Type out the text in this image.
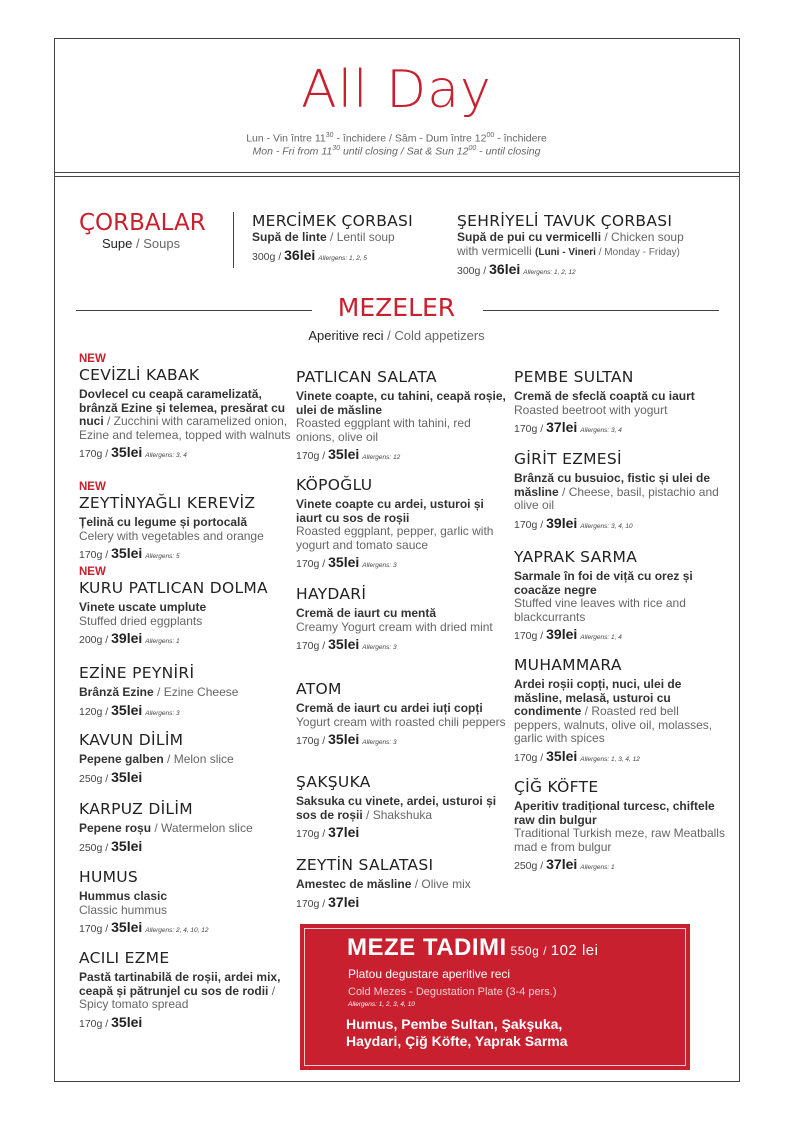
All Day
Lun - Vin între $11^{30}$ - închidere / Sâm - Dum între $12^{00}$ - închidere
Mon - Fri from $11^{30}$ until closing / Sat & Sun $12^{00}$ - until closing
ÇORBALAR
Supe / Soups
MERCİMEK ÇORBASI
Supă de linte / Lentil soup
300g / 36lei Allergens: 1, 2, 5
ŞEHRİYELİ TAVUK ÇORBASI
Supă de pui cu vermicelli / Chicken soup
with vermicelli (Luni - Vineri / Monday - Friday)
300g / 36lei Allergens: 1, 2, 12
MEZELER
Aperitive reci / Cold appetizers
NEW
CEVİZLİ KABAK
Dovlecel cu ceapă caramelizată, brânză Ezine și telemea, presărat cu nuci / Zucchini with caramelized onion, Ezine and telemea, topped with walnuts
170g / 35lei Allergens: 3, 4
NEW
ZEYTİNYAĞLI KEREVİZ
Țelină cu legume și portocală
Celery with vegetables and orange
170g / 35lei Allergens: 5
NEW
KURU PATLICAN DOLMA
Vinete uscate umplute
Stuffed dried eggplants
200g / 39lei Allergens: 1
EZİNE PEYNİRİ
Brânză Ezine / Ezine Cheese
120g / 35lei Allergens: 3
KAVUN DİLİM
Pepene galben / Melon slice
250g / 35lei
KARPUZ DİLİM
Pepene roșu / Watermelon slice
250g / 35lei
HUMUS
Hummus clasic
Classic hummus
170g / 35lei Allergens: 2, 4, 10, 12
ACILI EZME
Pastă tartinabilă de roșii, ardei mix, ceapă și pătrunjel cu sos de rodii / Spicy tomato spread
170g / 35lei
PATLICAN SALATA
Vinete coapte, cu tahini, ceapă roșie, ulei de măsline
Roasted eggplant with tahini, red onions, olive oil
170g / 35lei Allergens: 12
KÖPOĞLU
Vinete coapte cu ardei, usturoi și iaurt cu sos de roșii
Roasted eggplant, pepper, garlic with yogurt and tomato sauce
170g / 35lei Allergens: 3
HAYDARİ
Cremă de iaurt cu mentă
Creamy Yogurt cream with dried mint
170g / 35lei Allergens: 3
ATOM
Cremă de iaurt cu ardei iuți copți
Yogurt cream with roasted chili peppers
170g / 35lei Allergens: 3
ŞAKŞUKA
Saksuka cu vinete, ardei, usturoi și sos de roșii / Shakshuka
170g / 37lei
ZEYTİN SALATASI
Amestec de măsline / Olive mix
170g / 37lei
PEMBE SULTAN
Cremă de sfeclă coaptă cu iaurt
Roasted beetroot with yogurt
170g / 37lei Allergens: 3, 4
GİRİT EZMESİ
Brânză cu busuioc, fistic și ulei de măsline / Cheese, basil, pistachio and olive oil
170g / 39lei Allergens: 3, 4, 10
YAPRAK SARMA
Sarmale în foi de viță cu orez și coacăze negre
Stuffed vine leaves with rice and blackcurrants
170g / 39lei Allergens: 1, 4
MUHAMMARA
Ardei roșii copți, nuci, ulei de măsline, melasă, usturoi cu condimente / Roasted red bell peppers, walnuts, olive oil, molasses, garlic with spices
170g / 35lei Allergens: 1, 3, 4, 12
ÇİĞ KÖFTE
Aperitiv tradițional turcesc, chiftele raw din bulgur
Traditional Turkish meze, raw Meatballs mad e from bulgur
250g / 37lei Allergens: 1
MEZE TADIMI 550g / 102 lei
Platou degustare aperitive reci
Cold Mezes - Degustation Plate (3-4 pers.)
Allergens: 1, 2, 3, 4, 10
Humus, Pembe Sultan, Şakşuka, Haydari, Çiğ Köfte, Yaprak Sarma
